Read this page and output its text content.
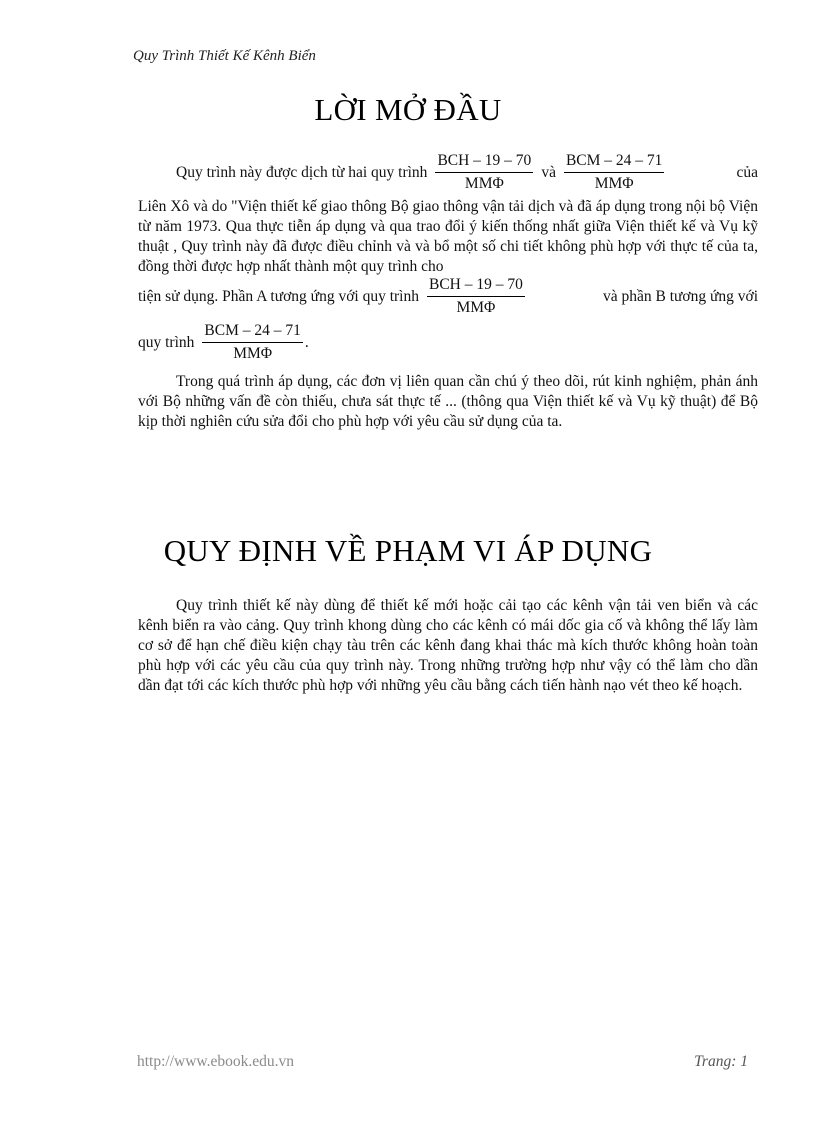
Quy Trình Thiết Kế Kênh Biển
LỜI MỞ ĐẦU
Quy trình này được dịch từ hai quy trình $\frac{\text{BCH – 19 – 70}}{\text{MMΦ}}$ và $\frac{\text{BCM – 24 – 71}}{\text{MMΦ}}$	của

Liên Xô và do "Viện thiết kế giao thông Bộ giao thông vận tải dịch và đã áp dụng trong nội bộ Viện từ năm 1973. Qua thực tiễn áp dụng và qua trao đổi ý kiến thống nhất giữa Viện thiết kế và Vụ kỹ thuật , Quy trình này đã được điều chỉnh và và bổ một số chi tiết không phù hợp với thực tế của ta, đồng thời được hợp nhất thành một quy trình cho

tiện sử dụng. Phần A tương ứng với quy trình $\frac{\text{BCH – 19 – 70}}{\text{MMΦ}}$	và phần B tương ứng với
quy trình $\frac{\text{BCM – 24 – 71}}{\text{MMΦ}}$ .

Trong quá trình áp dụng, các đơn vị liên quan cần chú ý theo dõi, rút kinh nghiệm, phản ánh với Bộ những vấn đề còn thiếu, chưa sát thực tế ... (thông qua Viện thiết kế và Vụ kỹ thuật) để Bộ kịp thời nghiên cứu sửa đổi cho phù hợp với yêu cầu sử dụng của ta.

QUY ĐỊNH VỀ PHẠM VI ÁP DỤNG

Quy trình thiết kế này dùng để thiết kế mới hoặc cải tạo các kênh vận tải ven biển và các kênh biển ra vào cảng. Quy trình khong dùng cho các kênh có mái dốc gia cố và không thể lấy làm cơ sở để hạn chế điều kiện chạy tàu trên các kênh đang khai thác mà kích thước không hoàn toàn phù hợp với các yêu cầu của quy trình này. Trong những trường hợp như vậy có thể làm cho dần dần đạt tới các kích thước phù hợp với những yêu cầu bằng cách tiến hành nạo vét theo kế hoạch.

http://www.ebook.edu.vn	Trang: 1
